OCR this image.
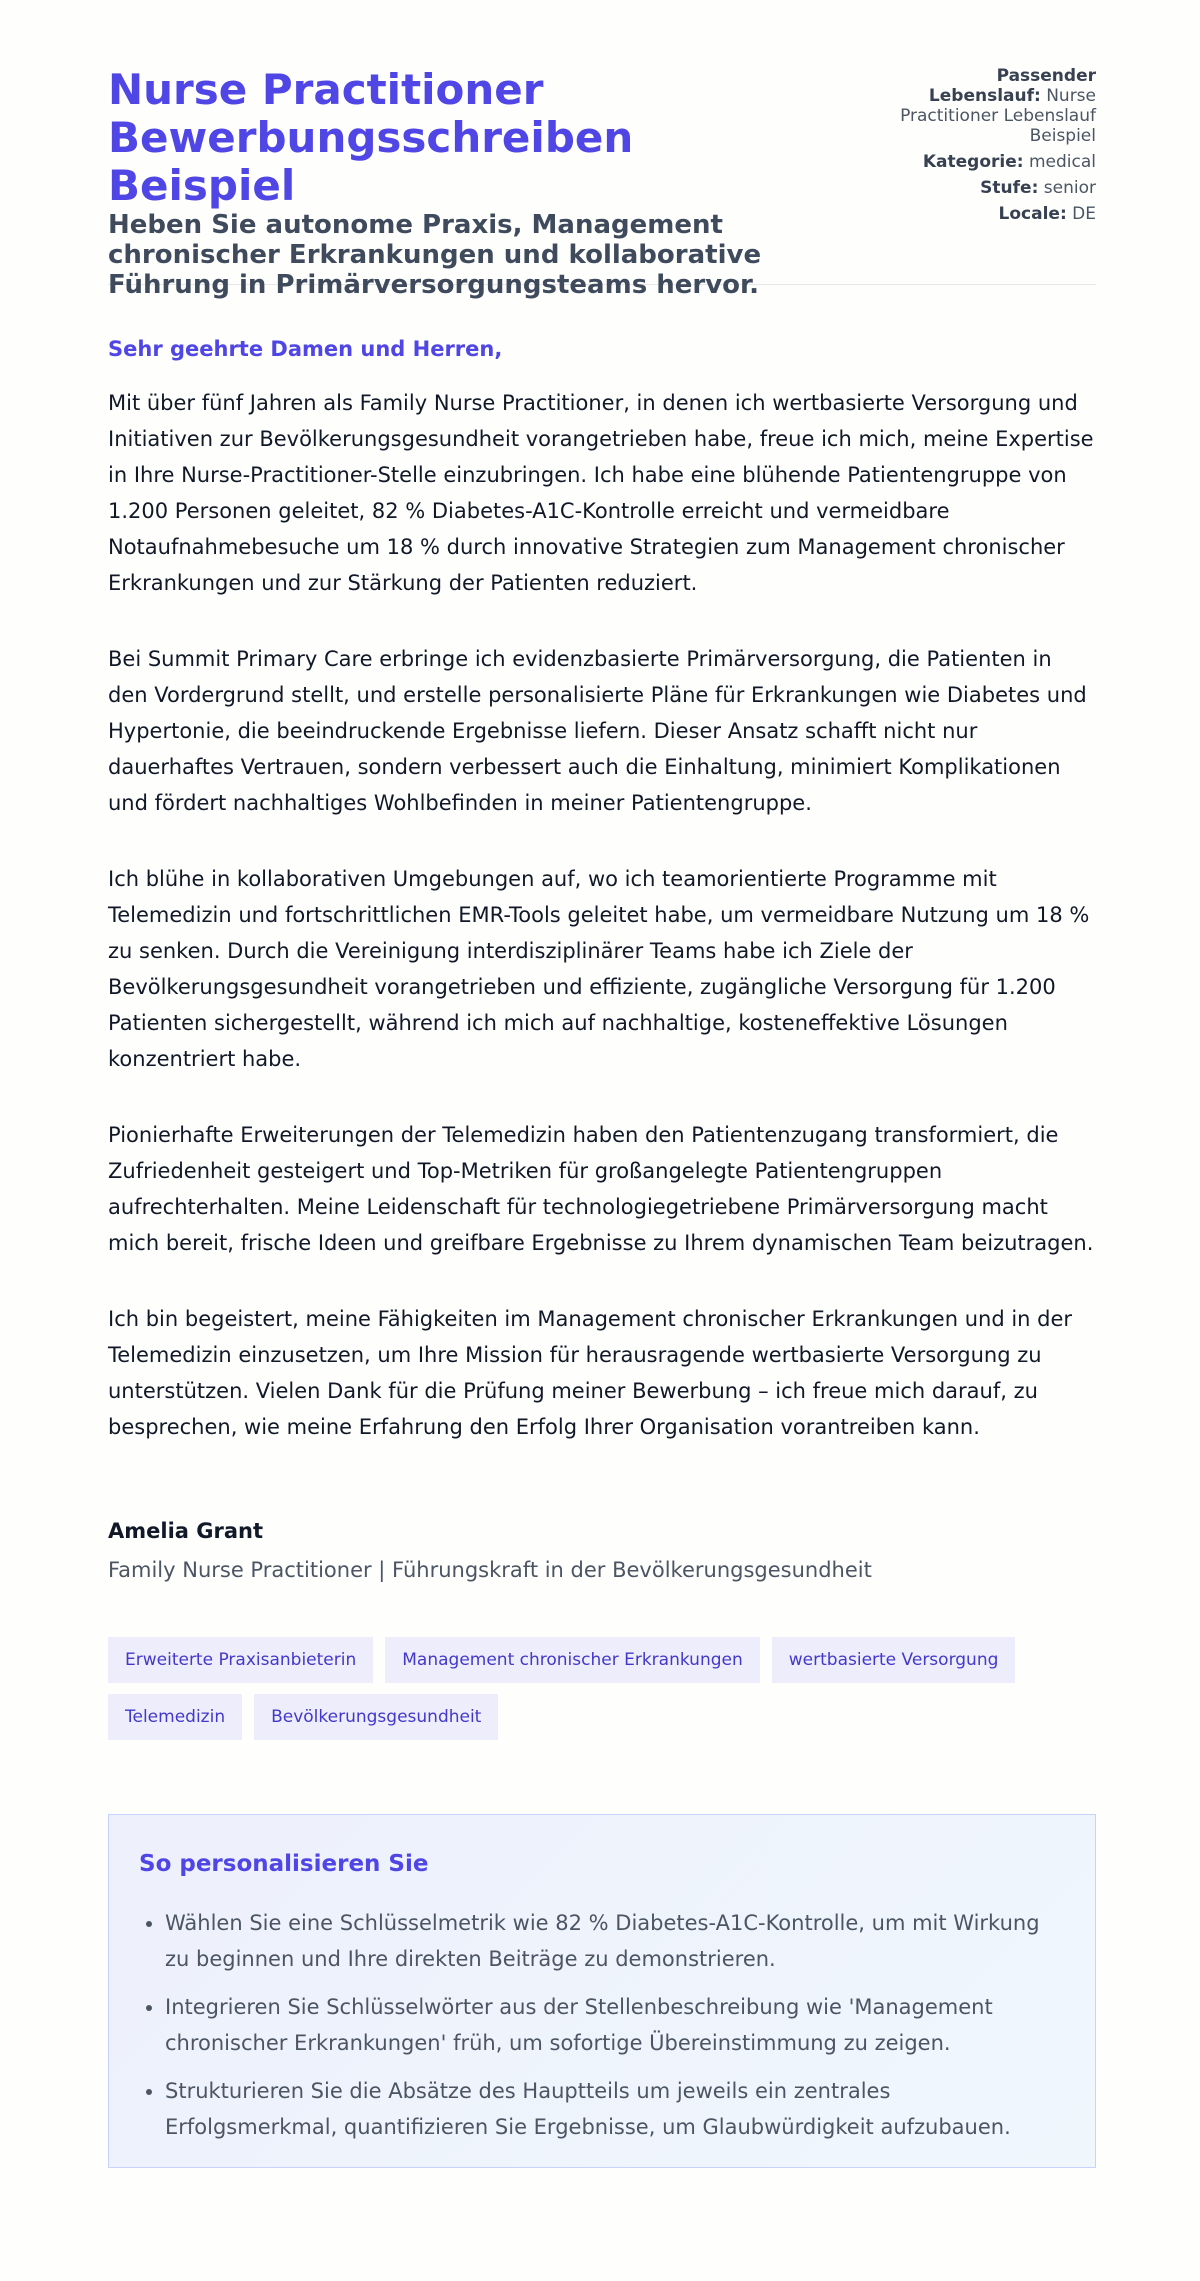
Nurse Practitioner Bewerbungsschreiben Beispiel
Heben Sie autonome Praxis, Management chronischer Erkrankungen und kollaborative Führung in Primärversorgungsteams hervor.
Passender Lebenslauf: Nurse Practitioner Lebenslauf Beispiel
Kategorie: medical
Stufe: senior
Locale: DE

Sehr geehrte Damen und Herren,

Mit über fünf Jahren als Family Nurse Practitioner, in denen ich wertbasierte Versorgung und Initiativen zur Bevölkerungsgesundheit vorangetrieben habe, freue ich mich, meine Expertise in Ihre Nurse-Practitioner-Stelle einzubringen. Ich habe eine blühende Patientengruppe von 1.200 Personen geleitet, 82 % Diabetes-A1C-Kontrolle erreicht und vermeidbare Notaufnahmebesuche um 18 % durch innovative Strategien zum Management chronischer Erkrankungen und zur Stärkung der Patienten reduziert.

Bei Summit Primary Care erbringe ich evidenzbasierte Primärversorgung, die Patienten in den Vordergrund stellt, und erstelle personalisierte Pläne für Erkrankungen wie Diabetes und Hypertonie, die beeindruckende Ergebnisse liefern. Dieser Ansatz schafft nicht nur dauerhaftes Vertrauen, sondern verbessert auch die Einhaltung, minimiert Komplikationen und fördert nachhaltiges Wohlbefinden in meiner Patientengruppe.

Ich blühe in kollaborativen Umgebungen auf, wo ich teamorientierte Programme mit Telemedizin und fortschrittlichen EMR-Tools geleitet habe, um vermeidbare Nutzung um 18 % zu senken. Durch die Vereinigung interdisziplinärer Teams habe ich Ziele der Bevölkerungsgesundheit vorangetrieben und effiziente, zugängliche Versorgung für 1.200 Patienten sichergestellt, während ich mich auf nachhaltige, kosteneffektive Lösungen konzentriert habe.

Pionierhafte Erweiterungen der Telemedizin haben den Patientenzugang transformiert, die Zufriedenheit gesteigert und Top-Metriken für großangelegte Patientengruppen aufrechterhalten. Meine Leidenschaft für technologiegetriebene Primärversorgung macht mich bereit, frische Ideen und greifbare Ergebnisse zu Ihrem dynamischen Team beizutragen.

Ich bin begeistert, meine Fähigkeiten im Management chronischer Erkrankungen und in der Telemedizin einzusetzen, um Ihre Mission für herausragende wertbasierte Versorgung zu unterstützen. Vielen Dank für die Prüfung meiner Bewerbung – ich freue mich darauf, zu besprechen, wie meine Erfahrung den Erfolg Ihrer Organisation vorantreiben kann.

Amelia Grant

Family Nurse Practitioner | Führungskraft in der Bevölkerungsgesundheit

Erweiterte Praxisanbieterin	Management chronischer Erkrankungen	wertbasierte Versorgung
Telemedizin	Bevölkerungsgesundheit
So personalisieren Sie
• Wählen Sie eine Schlüsselmetrik wie 82 % Diabetes-A1C-Kontrolle, um mit Wirkung zu beginnen und Ihre direkten Beiträge zu demonstrieren.
• Integrieren Sie Schlüsselwörter aus der Stellenbeschreibung wie 'Management chronischer Erkrankungen' früh, um sofortige Übereinstimmung zu zeigen.
• Strukturieren Sie die Absätze des Hauptteils um jeweils ein zentrales Erfolgsmerkmal, quantifizieren Sie Ergebnisse, um Glaubwürdigkeit aufzubauen.
